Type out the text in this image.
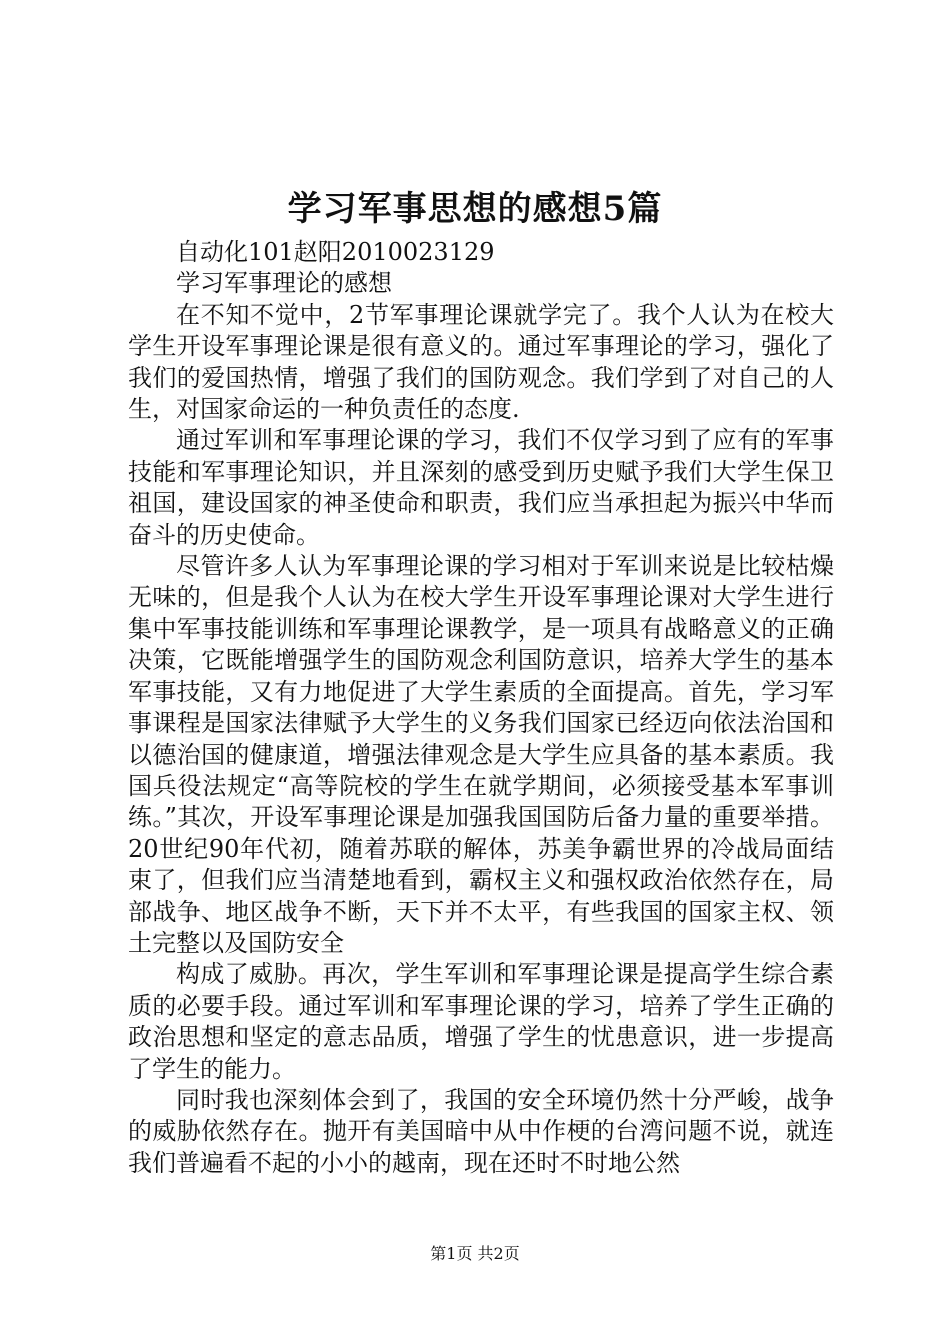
学习军事思想的感想5篇

自动化101赵阳2010023129

学习军事理论的感想

在不知不觉中，2节军事理论课就学完了。我个人认为在校大学生开设军事理论课是很有意义的。通过军事理论的学习，强化了我们的爱国热情，增强了我们的国防观念。我们学到了对自己的人生，对国家命运的一种负责任的态度.

通过军训和军事理论课的学习，我们不仅学习到了应有的军事技能和军事理论知识，并且深刻的感受到历史赋予我们大学生保卫祖国，建设国家的神圣使命和职责，我们应当承担起为振兴中华而奋斗的历史使命。

尽管许多人认为军事理论课的学习相对于军训来说是比较枯燥无味的，但是我个人认为在校大学生开设军事理论课对大学生进行集中军事技能训练和军事理论课教学，是一项具有战略意义的正确决策，它既能增强学生的国防观念利国防意识，培养大学生的基本军事技能，又有力地促进了大学生素质的全面提高。首先，学习军事课程是国家法律赋予大学生的义务我们国家已经迈向依法治国和以德治国的健康道，增强法律观念是大学生应具备的基本素质。我国兵役法规定“高等院校的学生在就学期间，必须接受基本军事训练。”其次，开设军事理论课是加强我国国防后备力量的重要举措。20世纪90年代初，随着苏联的解体，苏美争霸世界的冷战局面结束了，但我们应当清楚地看到，霸权主义和强权政治依然存在，局部战争、地区战争不断，天下并不太平，有些我国的国家主权、领土完整以及国防安全

构成了威胁。再次，学生军训和军事理论课是提高学生综合素质的必要手段。通过军训和军事理论课的学习，培养了学生正确的政治思想和坚定的意志品质，增强了学生的忧患意识，进一步提高了学生的能力。

同时我也深刻体会到了，我国的安全环境仍然十分严峻，战争的威胁依然存在。抛开有美国暗中从中作梗的台湾问题不说，就连我们普遍看不起的小小的越南，现在还时不时地公然

第1页 共2页
